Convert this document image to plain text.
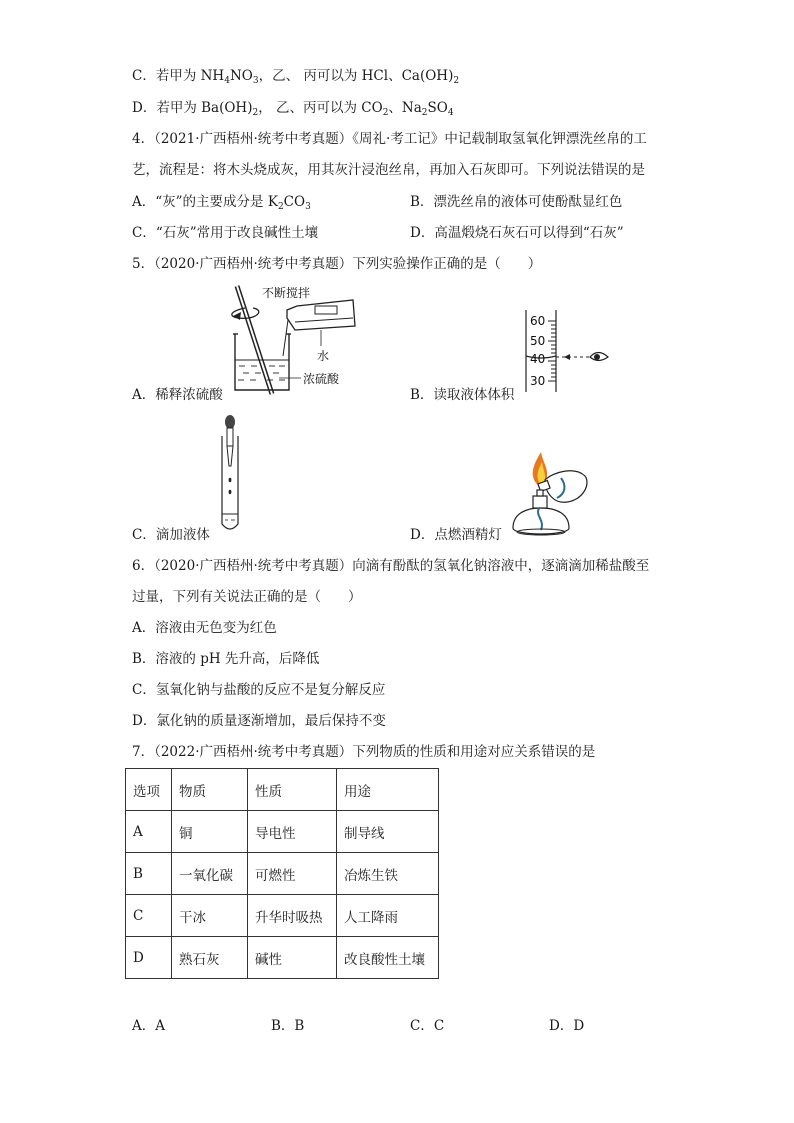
C．若甲为 $NH_4NO_3$，乙、 丙可以为 HCl、$Ca(OH)_2$
D．若甲为 $Ba(OH)_2$， 乙、丙可以为 $CO_2$、$Na_2SO_4$
4．（2021·广西梧州·统考中考真题）《周礼·考工记》中记载制取氢氧化钾漂洗丝帛的工
艺，流程是：将木头烧成灰，用其灰汁浸泡丝帛，再加入石灰即可。下列说法错误的是
A．“灰”的主要成分是 $K_2CO_3$	B．漂洗丝帛的液体可使酚酞显红色
C．“石灰”常用于改良碱性土壤	D．高温煅烧石灰石可以得到“石灰”
5．（2020·广西梧州·统考中考真题）下列实验操作正确的是（　　）
不断搅拌
水
浓硫酸
A．稀释浓硫酸
60
50
40
30
B．读取液体体积
C．滴加液体	D．点燃酒精灯
6．（2020·广西梧州·统考中考真题）向滴有酚酞的氢氧化钠溶液中，逐滴滴加稀盐酸至
过量，下列有关说法正确的是（　　）
A．溶液由无色变为红色
B．溶液的 pH 先升高，后降低
C．氢氧化钠与盐酸的反应不是复分解反应
D．氯化钠的质量逐渐增加，最后保持不变
7．（2022·广西梧州·统考中考真题）下列物质的性质和用途对应关系错误的是
选项	物质	性质	用途
A	铜	导电性	制导线
B	一氧化碳	可燃性	冶炼生铁
C	干冰	升华时吸热	人工降雨
D	熟石灰	碱性	改良酸性土壤
A．A	B．B	C．C	D．D
